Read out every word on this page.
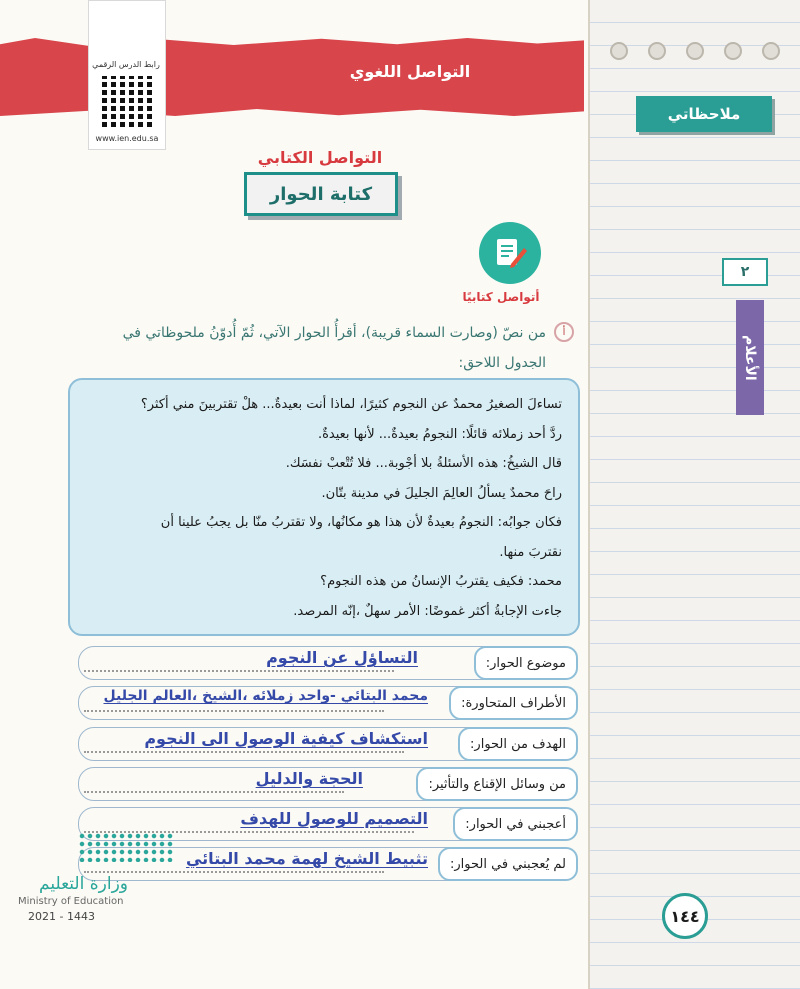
ملاحظاتي
٢
الأعلام
التواصل اللغوي
رابط الدرس الرقمي
www.ien.edu.sa
التواصل الكتابي
كتابة الحوار
أتواصل كتابيًا
أ
من نصّ (وصارت السماء قريبة)، أقرأُ الحوار الآتي، ثُمّ أُدوّنُ ملحوظاتي في الجدول اللاحق:

تساءلَ الصغيرُ محمدٌ عن النجوم كثيرًا، لماذا أنت بعيدةٌ... هلْ تقتربينَ مني أكثر؟

ردَّ أحد زملائه قائلًا: النجومُ بعيدةٌ... لأنها بعيدةٌ.

قال الشيخُ: هذه الأسئلةُ بلا أجْوبة... فلا تُتْعبْ نفسَك.

راحَ محمدٌ يسألُ العالِمَ الجليلَ في مدينة بتّان.

فكان جوابُه: النجومُ بعيدةٌ لأن هذا هو مكانُها، ولا تقتربُ منّا بل يجبُ علينا أن

نقتربَ منها.

محمد: فكيف يقتربُ الإنسانُ من هذه النجوم؟

جاءت الإجابةُ أكثر غموضًا: الأمر سهلٌ ،إنّه المرصد.

موضوع الحوار:
التساؤل عن النجوم
الأطراف المتحاورة:
محمد البتائي -واحد زملائه ،الشيخ ،العالم الجليل
الهدف من الحوار:
استكشاف كيفية الوصول الى النجوم
من وسائل الإقناع والتأثير:
الحجة والدليل
أعجبني في الحوار:
التصميم للوصول للهدف
لم يُعجبني في الحوار:
تثبيط الشيخ لهمة محمد البتائي
وزارة التعليم
Ministry of Education
2021 - 1443	١٤٤
